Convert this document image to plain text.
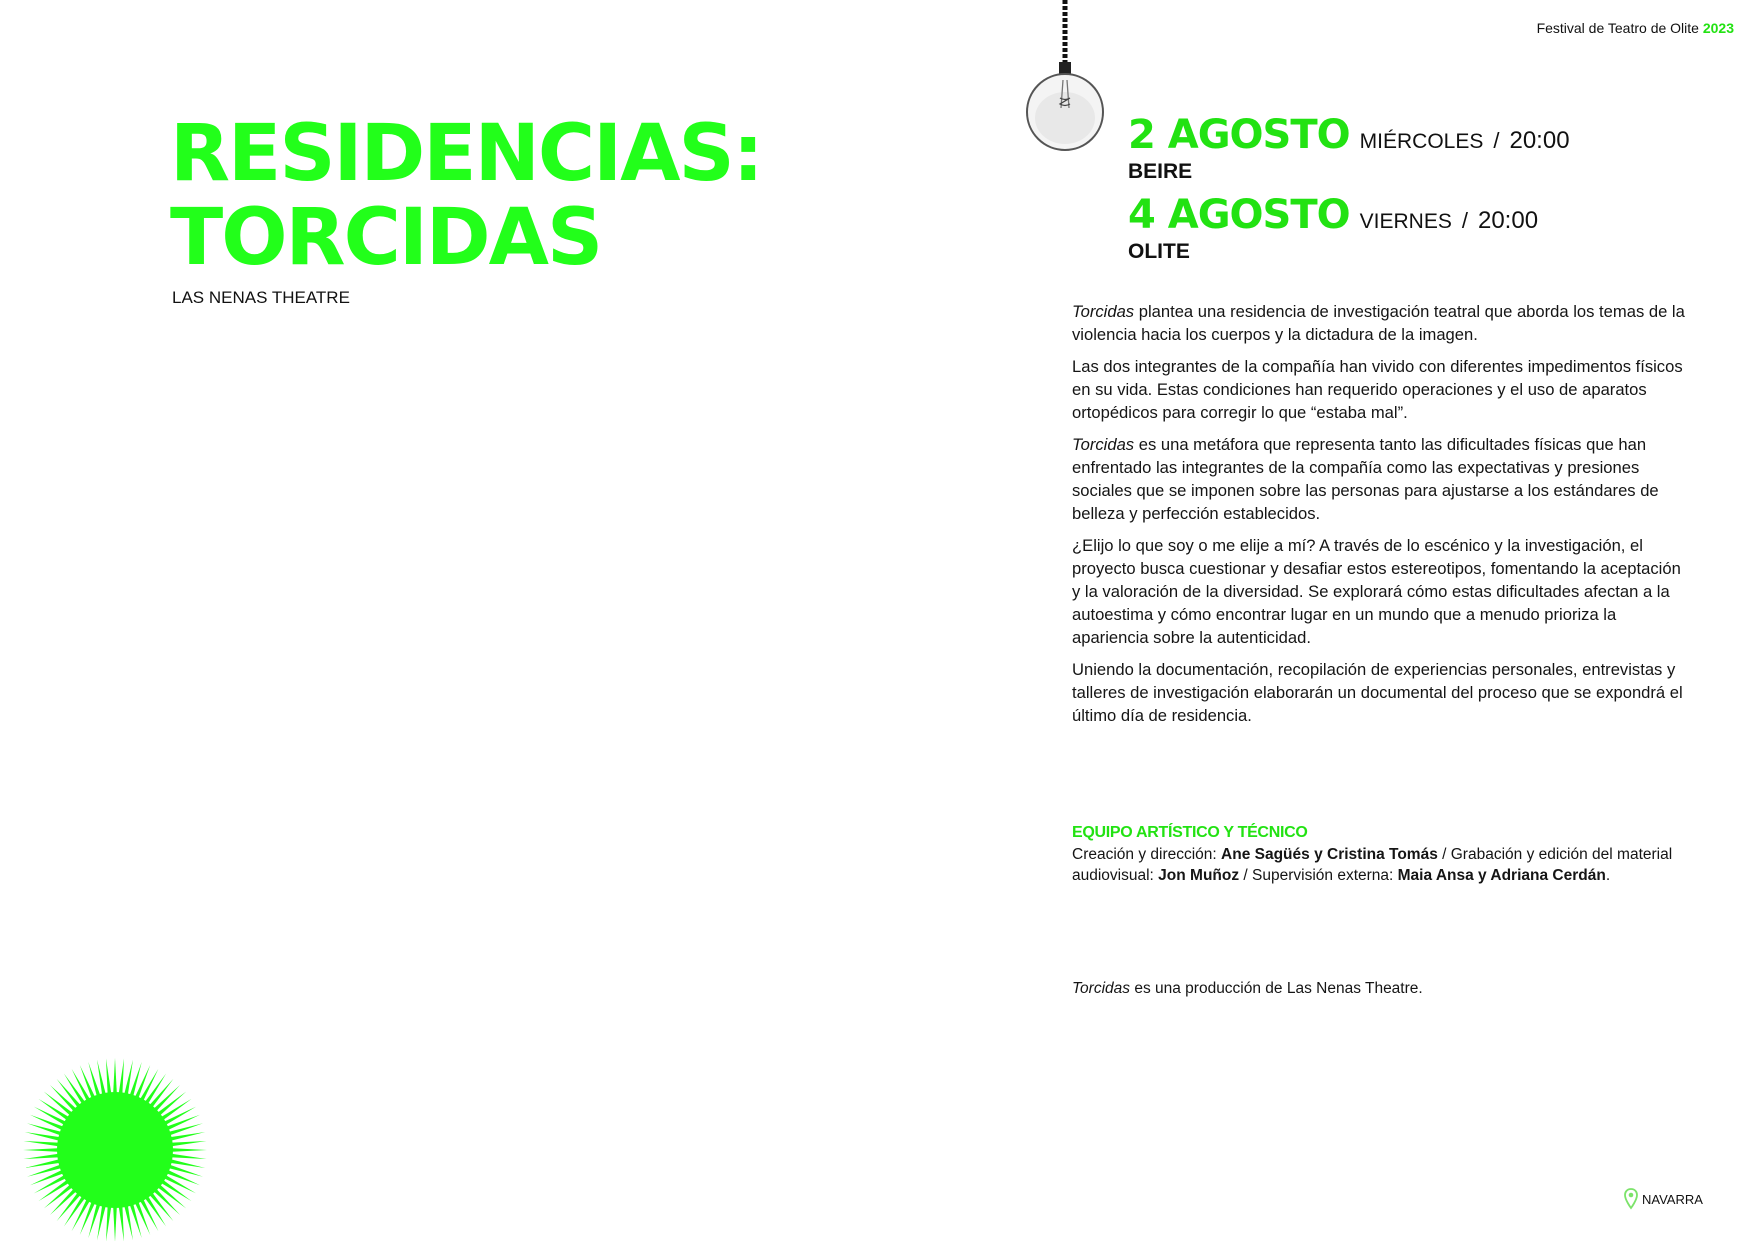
Festival de Teatro de Olite 2023
RESIDENCIAS:
TORCIDAS
LAS NENAS THEATRE
2 AGOSTO MIÉRCOLES / 20:00
BEIRE
4 AGOSTO VIERNES / 20:00
OLITE

Torcidas plantea una residencia de investigación teatral que aborda los temas de la violencia hacia los cuerpos y la dictadura de la imagen.

Las dos integrantes de la compañía han vivido con diferentes impedimentos físicos en su vida. Estas condiciones han requerido operaciones y el uso de aparatos ortopédicos para corregir lo que “estaba mal”.

Torcidas es una metáfora que representa tanto las dificultades físicas que han enfrentado las integrantes de la compañía como las expectativas y presiones sociales que se imponen sobre las personas para ajustarse a los estándares de belleza y perfección establecidos.

¿Elijo lo que soy o me elije a mí? A través de lo escénico y la investigación, el proyecto busca cuestionar y desafiar estos estereotipos, fomentando la aceptación y la valoración de la diversidad. Se explorará cómo estas dificultades afectan a la autoestima y cómo encontrar lugar en un mundo que a menudo prioriza la apariencia sobre la autenticidad.

Uniendo la documentación, recopilación de experiencias personales, entrevistas y talleres de investigación elaborarán un documental del proceso que se expondrá el último día de residencia.

EQUIPO ARTÍSTICO Y TÉCNICO
Creación y dirección: Ane Sagüés y Cristina Tomás / Grabación y edición del material audiovisual: Jon Muñoz / Supervisión externa: Maia Ansa y Adriana Cerdán.
Torcidas es una producción de Las Nenas Theatre.
NAVARRA
